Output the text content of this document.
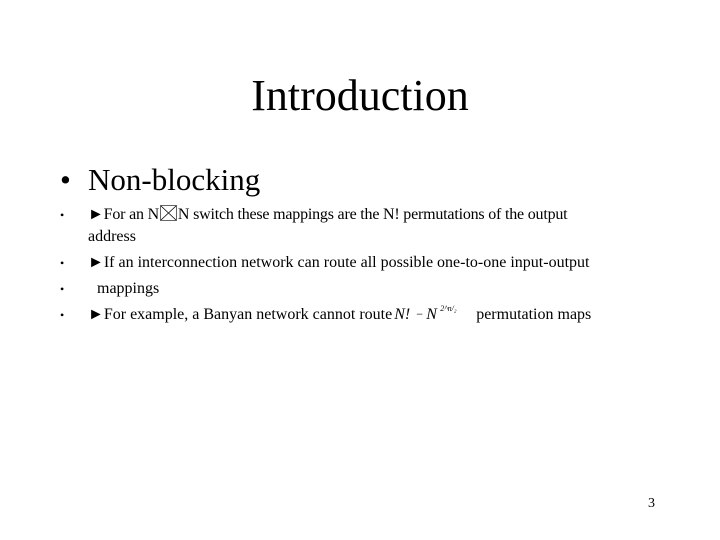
Introduction
• Non-blocking
• ►For an N N switch these mappings are the N! permutations of the output
address
• ►If an interconnection network can route all possible one-to-one input-output
• mappings
• ►For example, a Banyan network cannot route N! − N 2^n/₂ permutation maps
3
